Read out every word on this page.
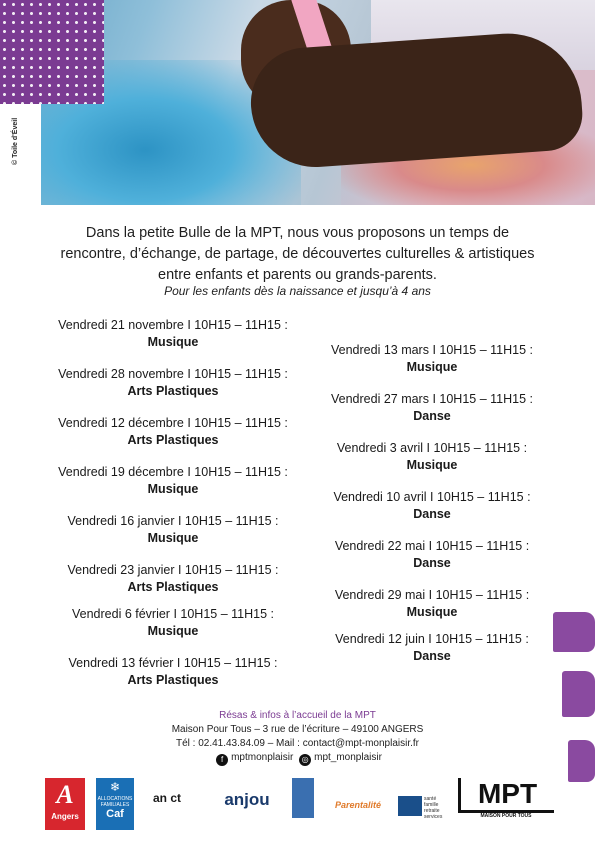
© Toile d'Éveil
Dans la petite Bulle de la MPT, nous vous proposons un temps de
rencontre, d’échange, de partage, de découvertes culturelles & artistiques
entre enfants et parents ou grands-parents.
Pour les enfants dès la naissance et jusqu’à 4 ans
Vendredi 21 novembre I 10H15 – 11H15 :
Musique
Vendredi 28 novembre I 10H15 – 11H15 :
Arts Plastiques
Vendredi 12 décembre I 10H15 – 11H15 :
Arts Plastiques
Vendredi 19 décembre I 10H15 – 11H15 :
Musique
Vendredi 16 janvier I 10H15 – 11H15 :
Musique
Vendredi 23 janvier I 10H15 – 11H15 :
Arts Plastiques
Vendredi 6 février I 10H15 – 11H15 :
Musique
Vendredi 13 février I 10H15 – 11H15 :
Arts Plastiques
Vendredi 13 mars I 10H15 – 11H15 :
Musique
Vendredi 27 mars I 10H15 – 11H15 :
Danse
Vendredi 3 avril I 10H15 – 11H15 :
Musique
Vendredi 10 avril I 10H15 – 11H15 :
Danse
Vendredi 22 mai I 10H15 – 11H15 :
Danse
Vendredi 29 mai I 10H15 – 11H15 :
Musique
Vendredi 12 juin I 10H15 – 11H15 :
Danse
Résas & infos à l’accueil de la MPT
Maison Pour Tous – 3 rue de l’écriture – 49100 ANGERS
Tél : 02.41.43.84.09 – Mail : contact@mpt-monplaisir.fr
f mptmonplaisir ◎ mpt_monplaisir
A
Angers
❄
ALLOCATIONS FAMILIALES
Caf
an ct	anjou	Parentalité
santé famille retraite services
MPT
MAISON POUR TOUS
